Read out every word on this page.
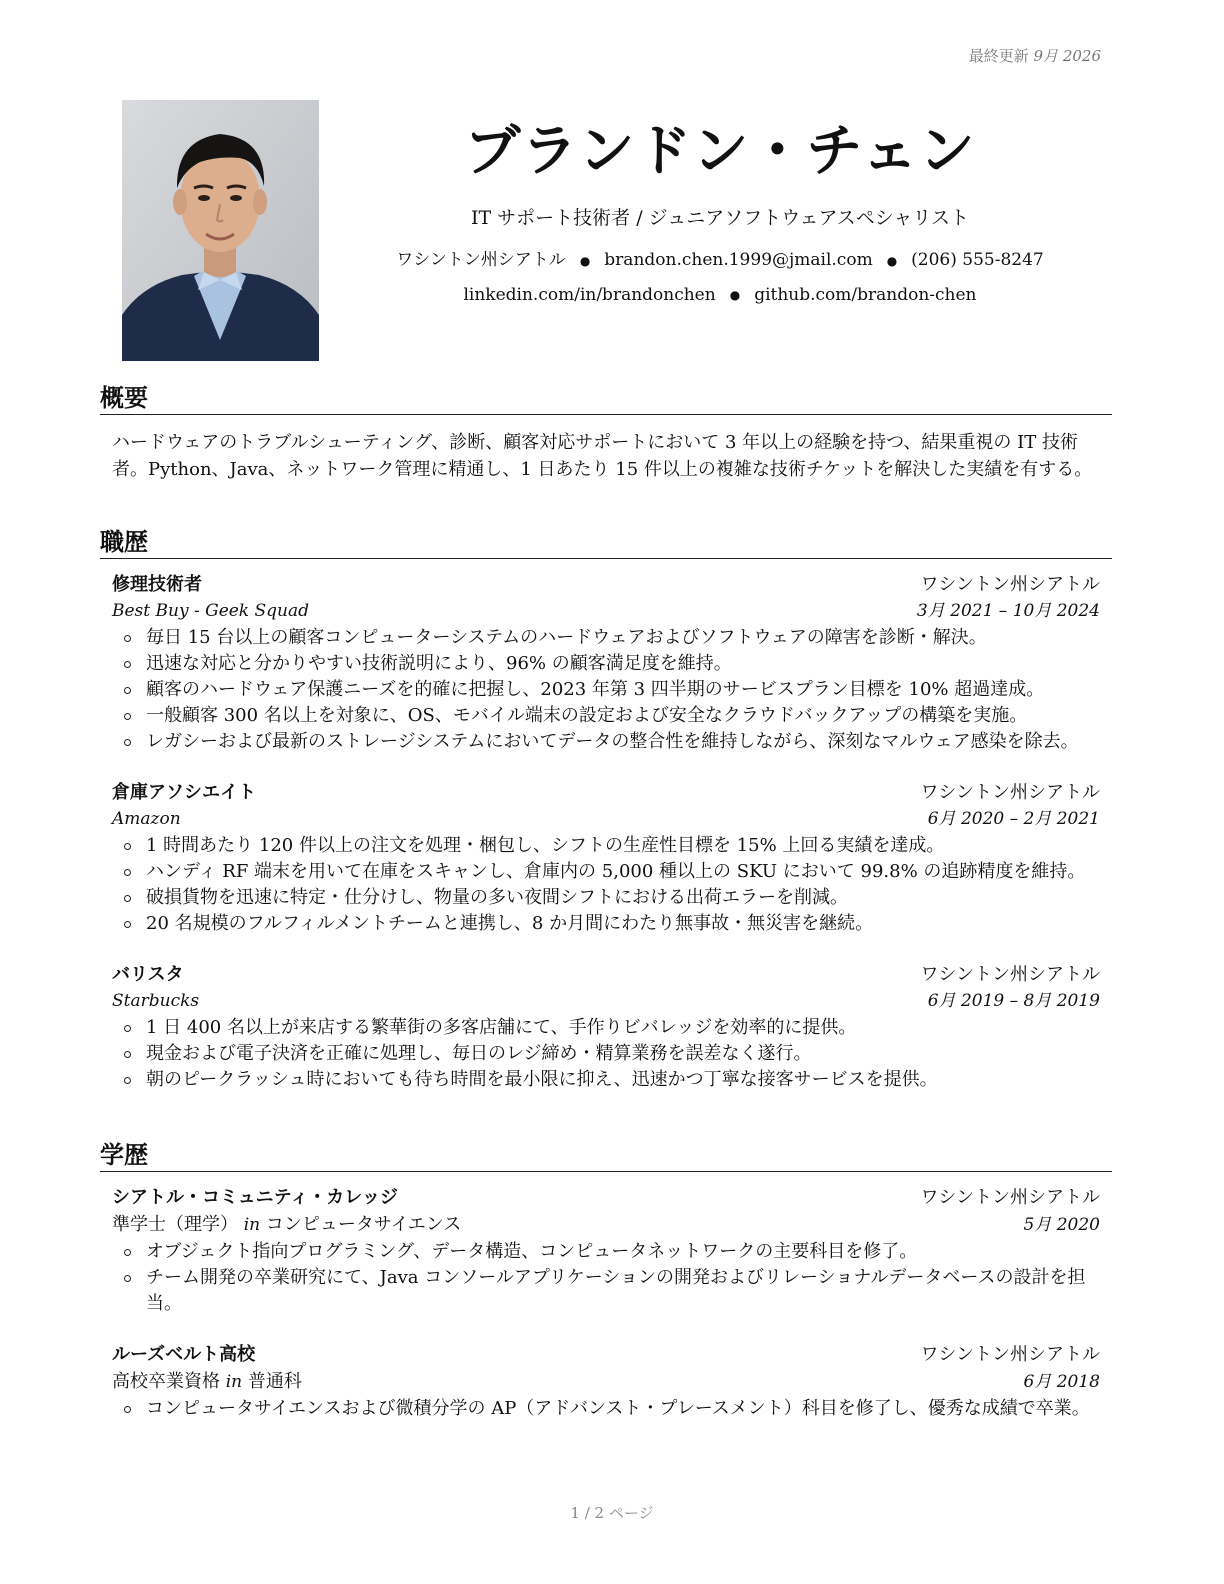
最終更新 9月 2026
ブランドン・チェン
IT サポート技術者 / ジュニアソフトウェアスペシャリスト
ワシントン州シアトル ● brandon.chen.1999@jmail.com ● (206) 555-8247
linkedin.com/in/brandonchen ● github.com/brandon-chen
概要
ハードウェアのトラブルシューティング、診断、顧客対応サポートにおいて 3 年以上の経験を持つ、結果重視の IT 技術者。Python、Java、ネットワーク管理に精通し、1 日あたり 15 件以上の複雑な技術チケットを解決した実績を有する。
職歴
修理技術者	ワシントン州シアトル
Best Buy - Geek Squad	3月 2021 – 10月 2024
毎日 15 台以上の顧客コンピューターシステムのハードウェアおよびソフトウェアの障害を診断・解決。
迅速な対応と分かりやすい技術説明により、96% の顧客満足度を維持。
顧客のハードウェア保護ニーズを的確に把握し、2023 年第 3 四半期のサービスプラン目標を 10% 超過達成。
一般顧客 300 名以上を対象に、OS、モバイル端末の設定および安全なクラウドバックアップの構築を実施。
レガシーおよび最新のストレージシステムにおいてデータの整合性を維持しながら、深刻なマルウェア感染を除去。
倉庫アソシエイト	ワシントン州シアトル
Amazon	6月 2020 – 2月 2021
1 時間あたり 120 件以上の注文を処理・梱包し、シフトの生産性目標を 15% 上回る実績を達成。
ハンディ RF 端末を用いて在庫をスキャンし、倉庫内の 5,000 種以上の SKU において 99.8% の追跡精度を維持。
破損貨物を迅速に特定・仕分けし、物量の多い夜間シフトにおける出荷エラーを削減。
20 名規模のフルフィルメントチームと連携し、8 か月間にわたり無事故・無災害を継続。
バリスタ	ワシントン州シアトル
Starbucks	6月 2019 – 8月 2019
1 日 400 名以上が来店する繁華街の多客店舗にて、手作りビバレッジを効率的に提供。
現金および電子決済を正確に処理し、毎日のレジ締め・精算業務を誤差なく遂行。
朝のピークラッシュ時においても待ち時間を最小限に抑え、迅速かつ丁寧な接客サービスを提供。
学歴
シアトル・コミュニティ・カレッジ	ワシントン州シアトル
準学士（理学） in コンピュータサイエンス	5月 2020
オブジェクト指向プログラミング、データ構造、コンピュータネットワークの主要科目を修了。
チーム開発の卒業研究にて、Java コンソールアプリケーションの開発およびリレーショナルデータベースの設計を担当。
ルーズベルト高校	ワシントン州シアトル
高校卒業資格 in 普通科	6月 2018
コンピュータサイエンスおよび微積分学の AP（アドバンスト・プレースメント）科目を修了し、優秀な成績で卒業。
1 / 2 ページ
